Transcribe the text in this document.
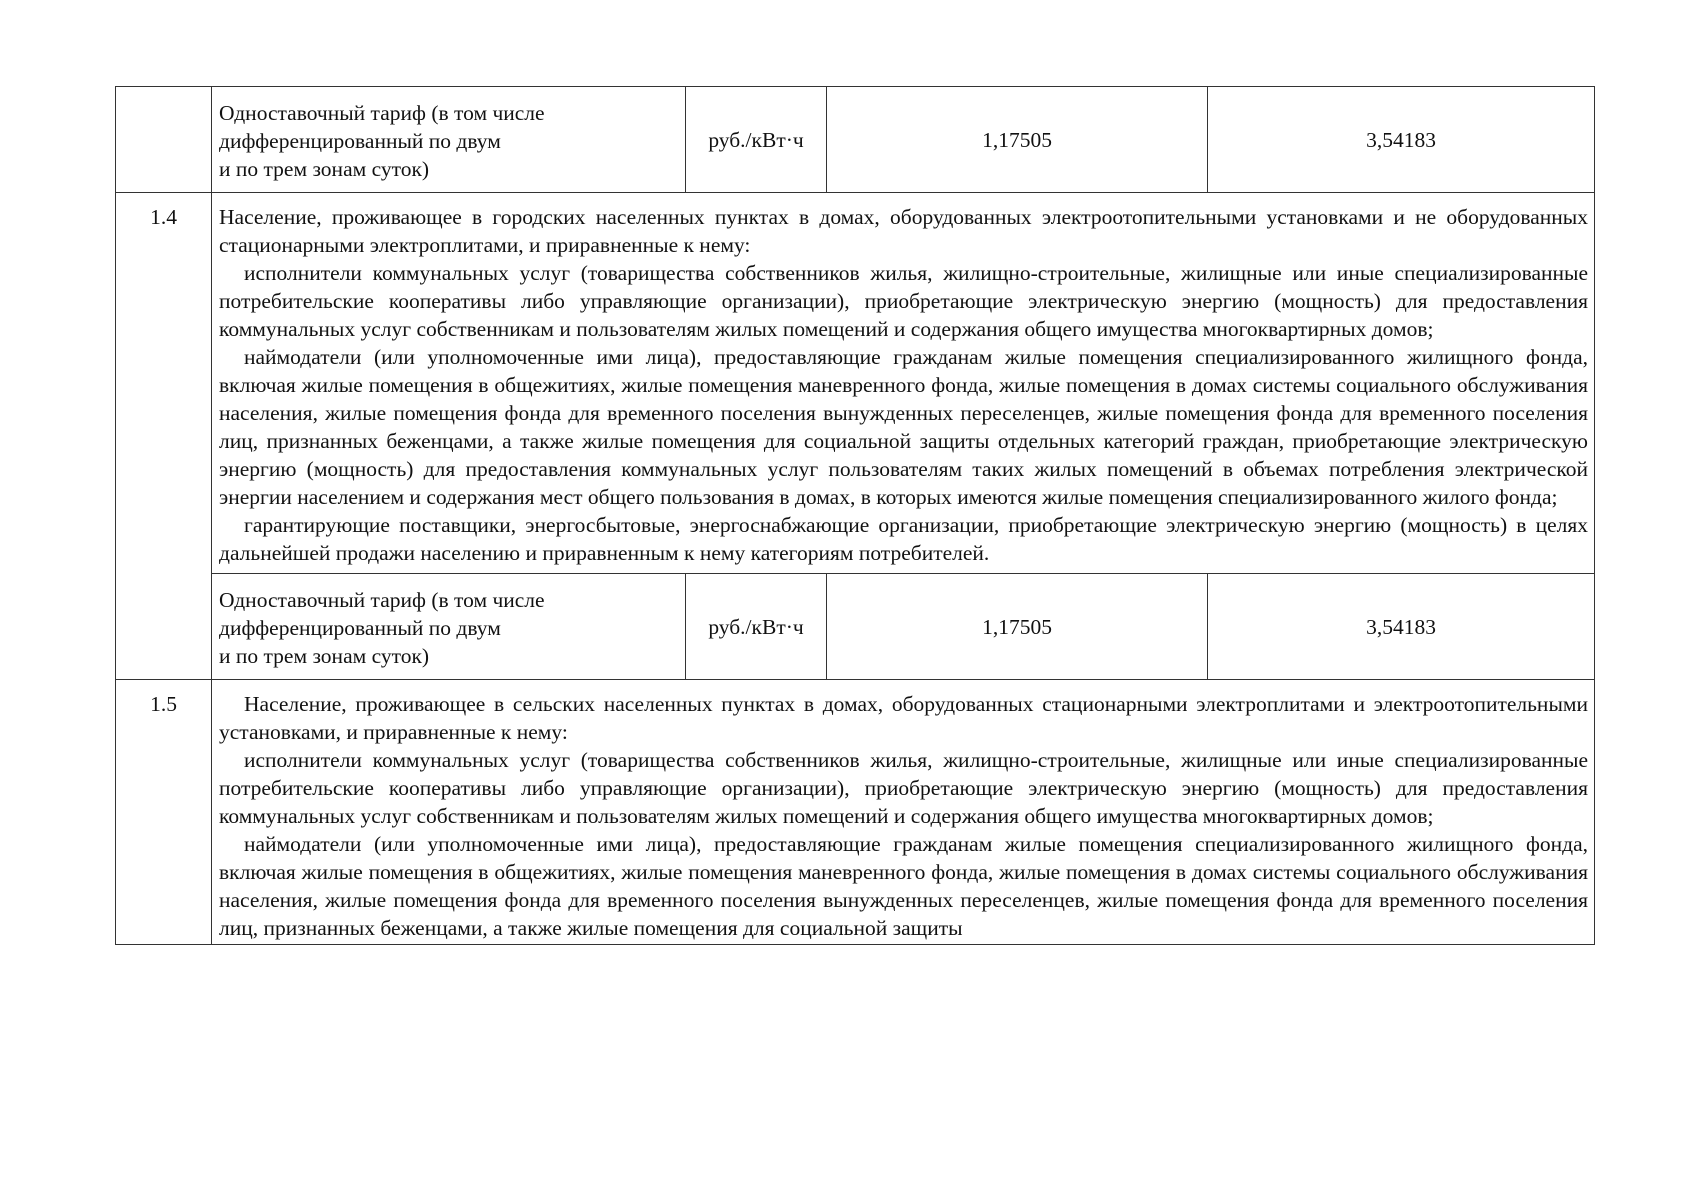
	Одноставочный тариф (в том числе
дифференцированный по двум
и по трем зонам суток)	руб./кВт·ч	1,17505	3,54183
1.4	Население, проживающее в городских населенных пунктах в домах, оборудованных электроотопительными установками и не оборудованных стационарными электроплитами, и приравненные к нему:

исполнители коммунальных услуг (товарищества собственников жилья, жилищно-строительные, жилищные или иные специализированные потребительские кооперативы либо управляющие организации), приобретающие электрическую энергию (мощность) для предоставления коммунальных услуг собственникам и пользователям жилых помещений и содержания общего имущества многоквартирных домов;

наймодатели (или уполномоченные ими лица), предоставляющие гражданам жилые помещения специализированного жилищного фонда, включая жилые помещения в общежитиях, жилые помещения маневренного фонда, жилые помещения в домах системы социального обслуживания населения, жилые помещения фонда для временного поселения вынужденных переселенцев, жилые помещения фонда для временного поселения лиц, признанных беженцами, а также жилые помещения для социальной защиты отдельных категорий граждан, приобретающие электрическую энергию (мощность) для предоставления коммунальных услуг пользователям таких жилых помещений в объемах потребления электрической энергии населением и содержания мест общего пользования в домах, в которых имеются жилые помещения специализированного жилого фонда;

гарантирующие поставщики, энергосбытовые, энергоснабжающие организации, приобретающие электрическую энергию (мощность) в целях дальнейшей продажи населению и приравненным к нему категориям потребителей.			

	Одноставочный тариф (в том числе
дифференцированный по двум
и по трем зонам суток)	руб./кВт·ч	1,17505	3,54183
1.5	Население, проживающее в сельских населенных пунктах в домах, оборудованных стационарными электроплитами и электроотопительными установками, и приравненные к нему:

исполнители коммунальных услуг (товарищества собственников жилья, жилищно-строительные, жилищные или иные специализированные потребительские кооперативы либо управляющие организации), приобретающие электрическую энергию (мощность) для предоставления коммунальных услуг собственникам и пользователям жилых помещений и содержания общего имущества многоквартирных домов;

наймодатели (или уполномоченные ими лица), предоставляющие гражданам жилые помещения специализированного жилищного фонда, включая жилые помещения в общежитиях, жилые помещения маневренного фонда, жилые помещения в домах системы социального обслуживания населения, жилые помещения фонда для временного поселения вынужденных переселенцев, жилые помещения фонда для временного поселения лиц, признанных беженцами, а также жилые помещения для социальной защиты			
